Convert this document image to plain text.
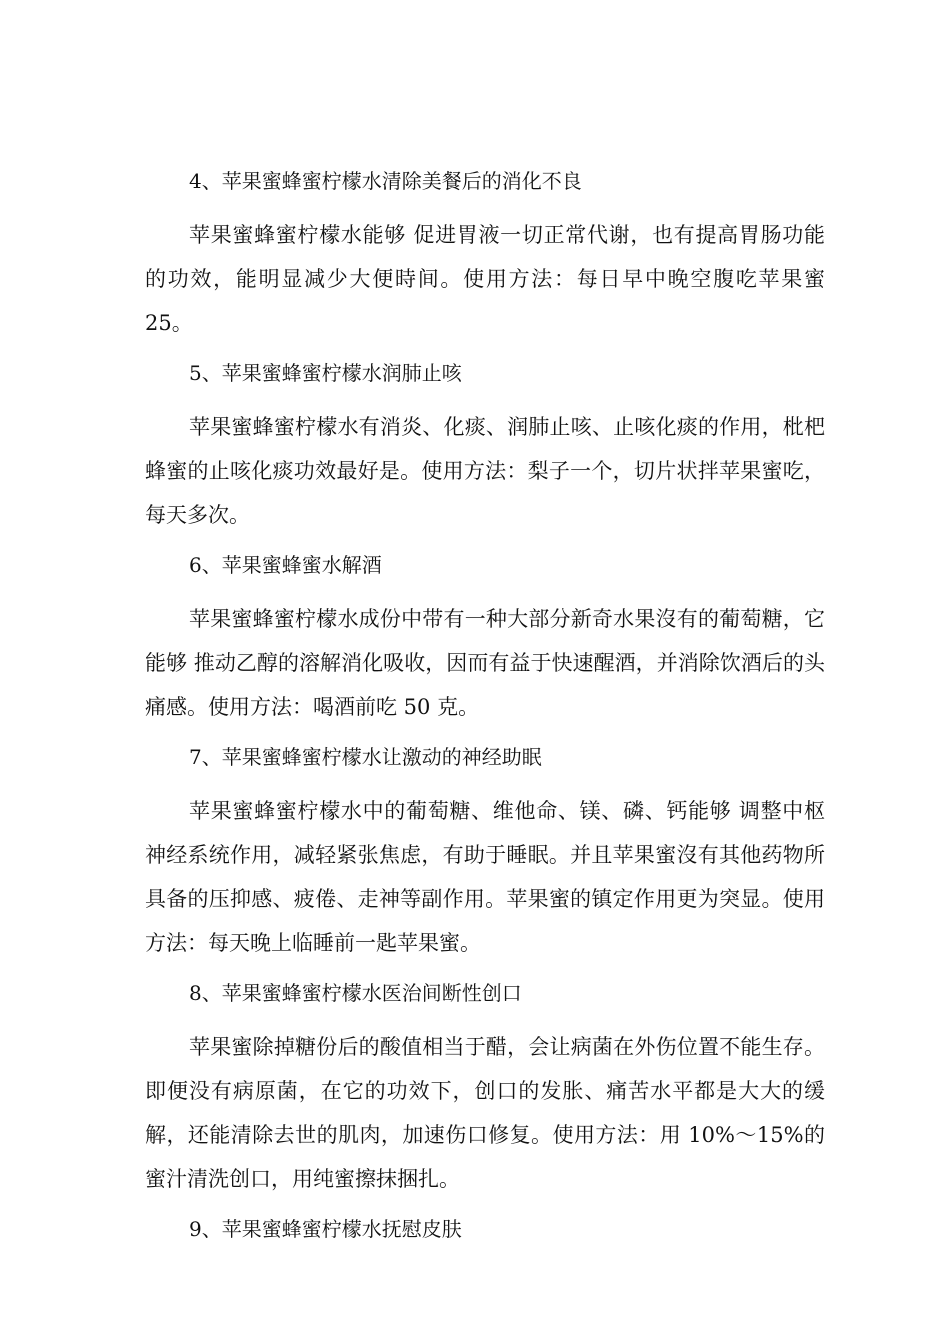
4、苹果蜜蜂蜜柠檬水清除美餐后的消化不良

苹果蜜蜂蜜柠檬水能够 促进胃液一切正常代谢，也有提高胃肠功能的功效，能明显减少大便時间。使用方法：每日早中晚空腹吃苹果蜜 25。

5、苹果蜜蜂蜜柠檬水润肺止咳

苹果蜜蜂蜜柠檬水有消炎、化痰、润肺止咳、止咳化痰的作用，枇杷蜂蜜的止咳化痰功效最好是。使用方法：梨子一个，切片状拌苹果蜜吃，每天多次。

6、苹果蜜蜂蜜水解酒

苹果蜜蜂蜜柠檬水成份中带有一种大部分新奇水果沒有的葡萄糖，它能够 推动乙醇的溶解消化吸收，因而有益于快速醒酒，并消除饮酒后的头痛感。使用方法：喝酒前吃 50 克。

7、苹果蜜蜂蜜柠檬水让激动的神经助眠

苹果蜜蜂蜜柠檬水中的葡萄糖、维他命、镁、磷、钙能够 调整中枢神经系统作用，减轻紧张焦虑，有助于睡眠。并且苹果蜜沒有其他药物所具备的压抑感、疲倦、走神等副作用。苹果蜜的镇定作用更为突显。使用方法：每天晚上临睡前一匙苹果蜜。

8、苹果蜜蜂蜜柠檬水医治间断性创口

苹果蜜除掉糖份后的酸值相当于醋，会让病菌在外伤位置不能生存。即便没有病原菌，在它的功效下，创口的发胀、痛苦水平都是大大的缓解，还能清除去世的肌肉，加速伤口修复。使用方法：用 10%～15%的蜜汁清洗创口，用纯蜜擦抹捆扎。

9、苹果蜜蜂蜜柠檬水抚慰皮肤
